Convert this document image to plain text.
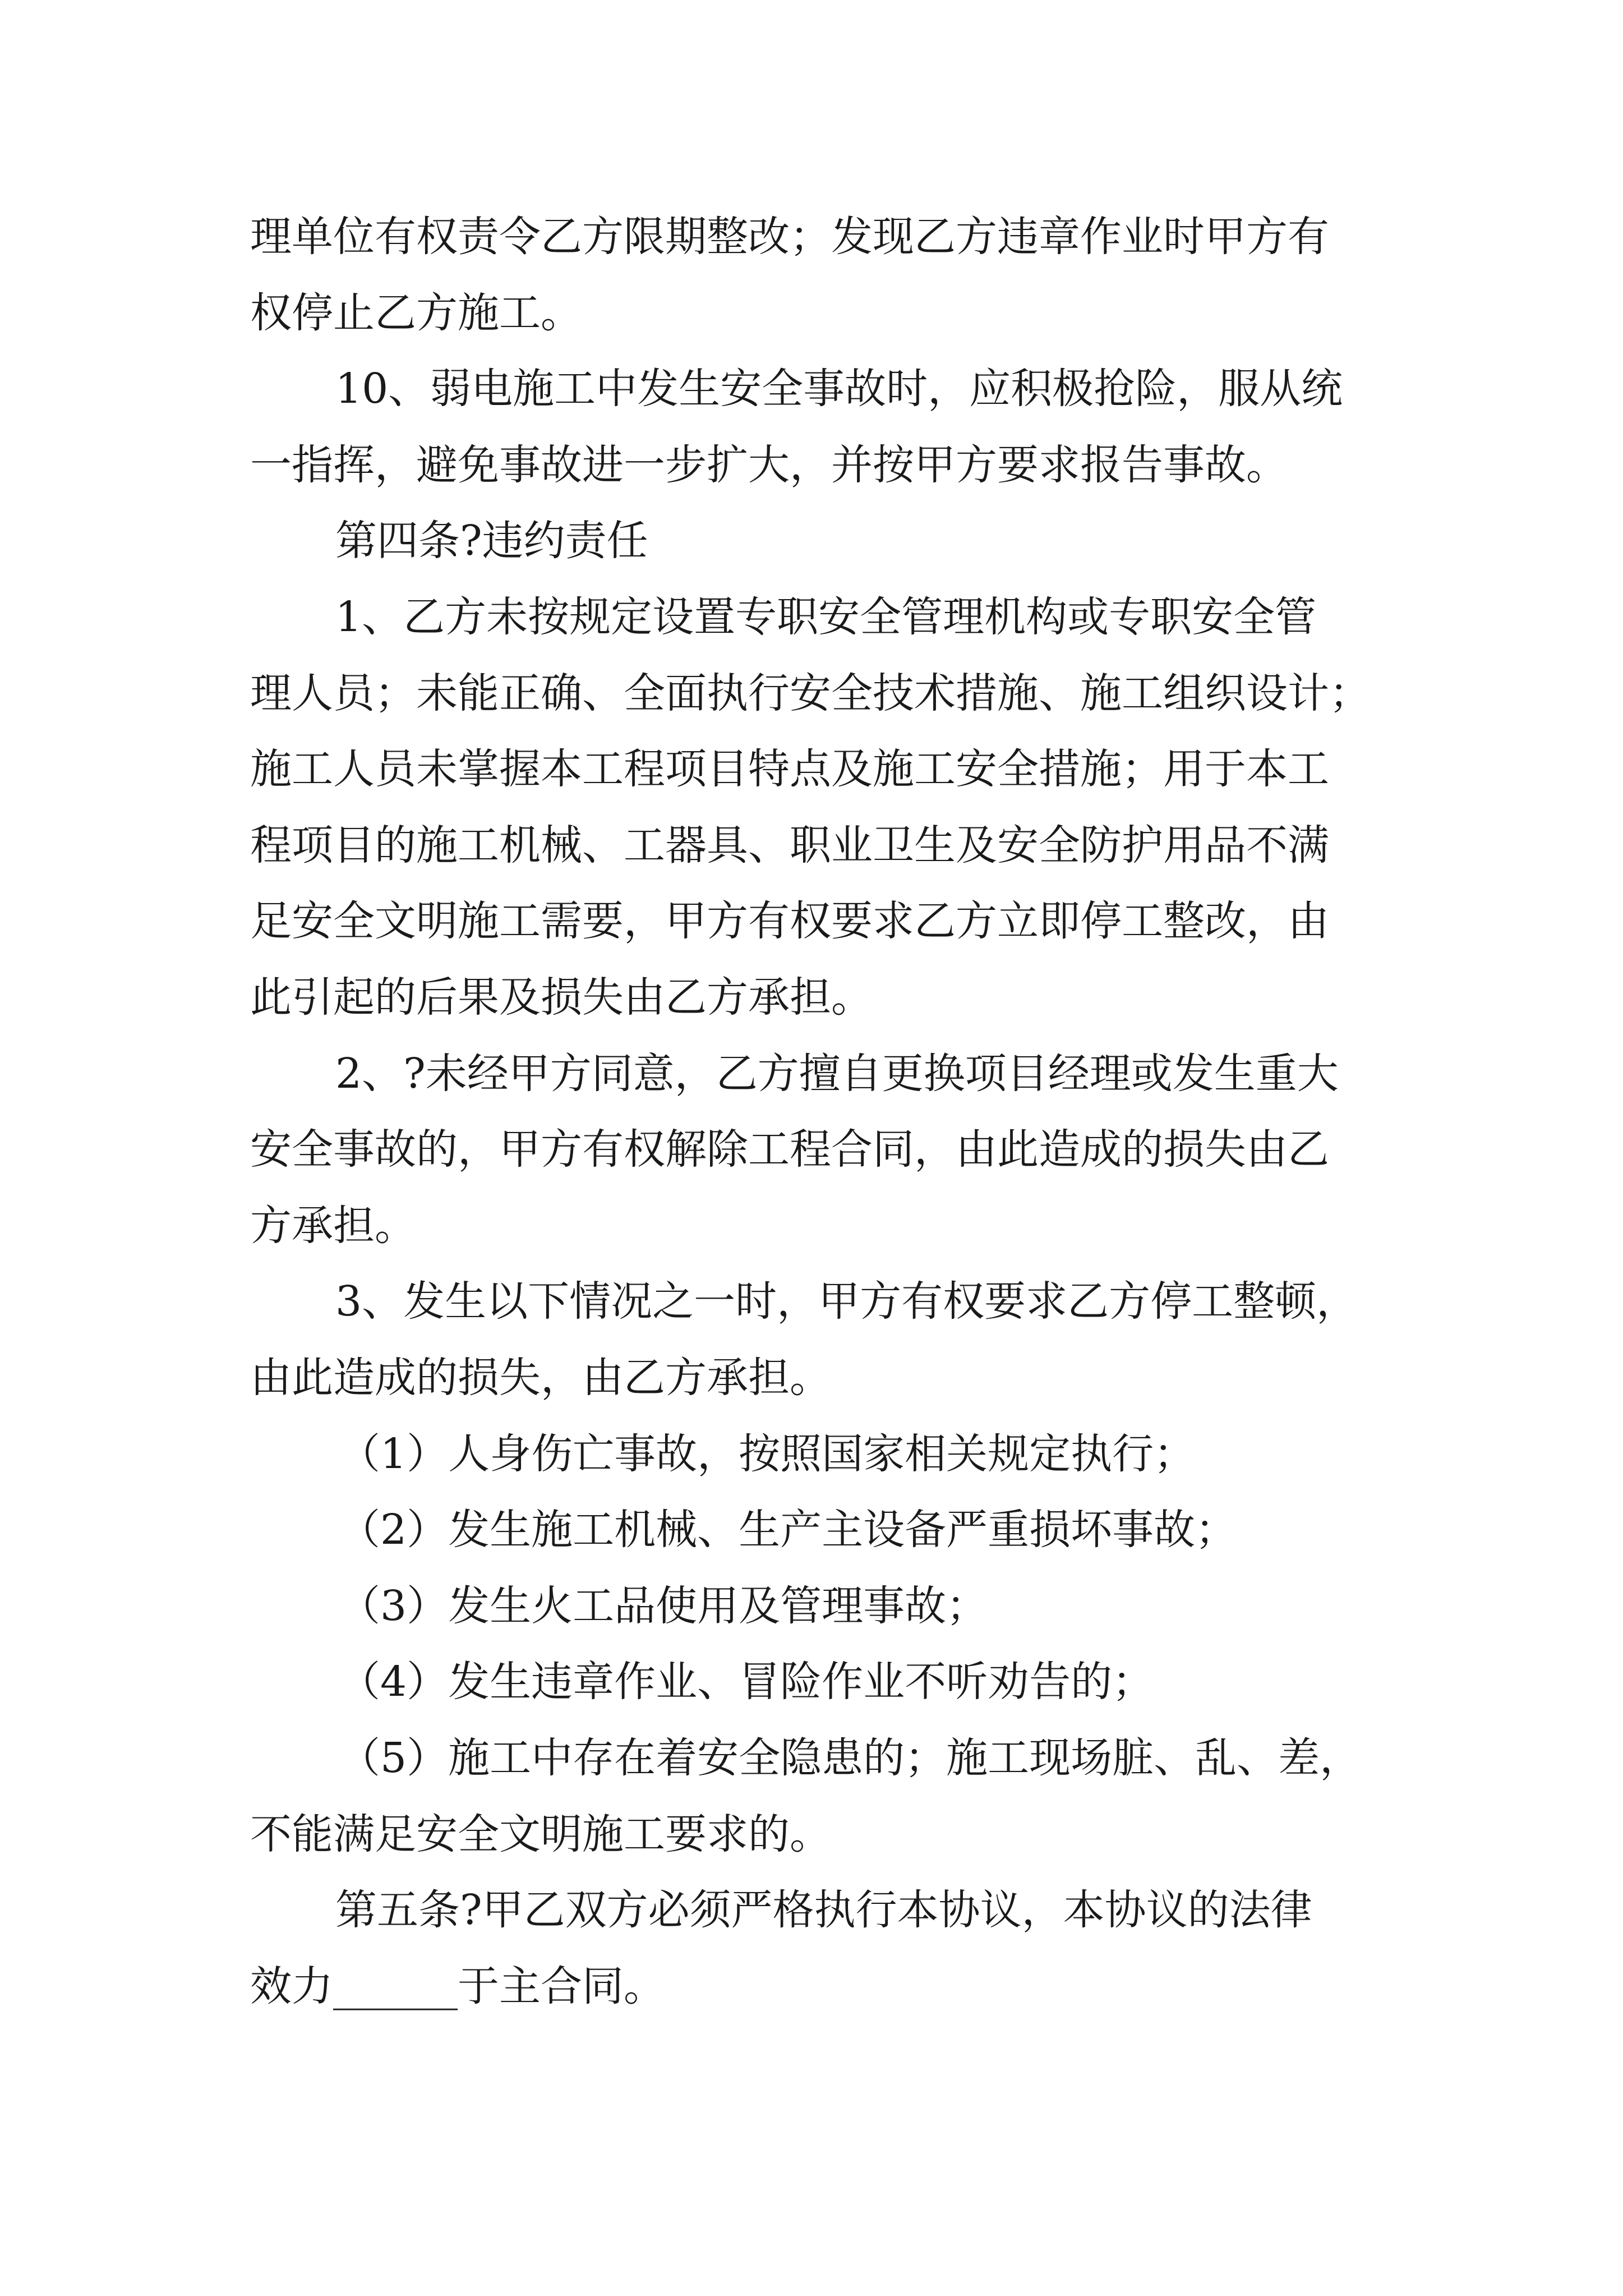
理单位有权责令乙方限期整改；发现乙方违章作业时甲方有

权停止乙方施工。

10、弱电施工中发生安全事故时，应积极抢险，服从统

一指挥，避免事故进一步扩大，并按甲方要求报告事故。

第四条?违约责任

1、乙方未按规定设置专职安全管理机构或专职安全管

理人员；未能正确、全面执行安全技术措施、施工组织设计；

施工人员未掌握本工程项目特点及施工安全措施；用于本工

程项目的施工机械、工器具、职业卫生及安全防护用品不满

足安全文明施工需要，甲方有权要求乙方立即停工整改，由

此引起的后果及损失由乙方承担。

2、?未经甲方同意，乙方擅自更换项目经理或发生重大

安全事故的，甲方有权解除工程合同，由此造成的损失由乙

方承担。

3、发生以下情况之一时，甲方有权要求乙方停工整顿，

由此造成的损失，由乙方承担。

（1）人身伤亡事故，按照国家相关规定执行；

（2）发生施工机械、生产主设备严重损坏事故；

（3）发生火工品使用及管理事故；

（4）发生违章作业、冒险作业不听劝告的；

（5）施工中存在着安全隐患的；施工现场脏、乱、差，

不能满足安全文明施工要求的。

第五条?甲乙双方必须严格执行本协议，本协议的法律

效力______于主合同。
